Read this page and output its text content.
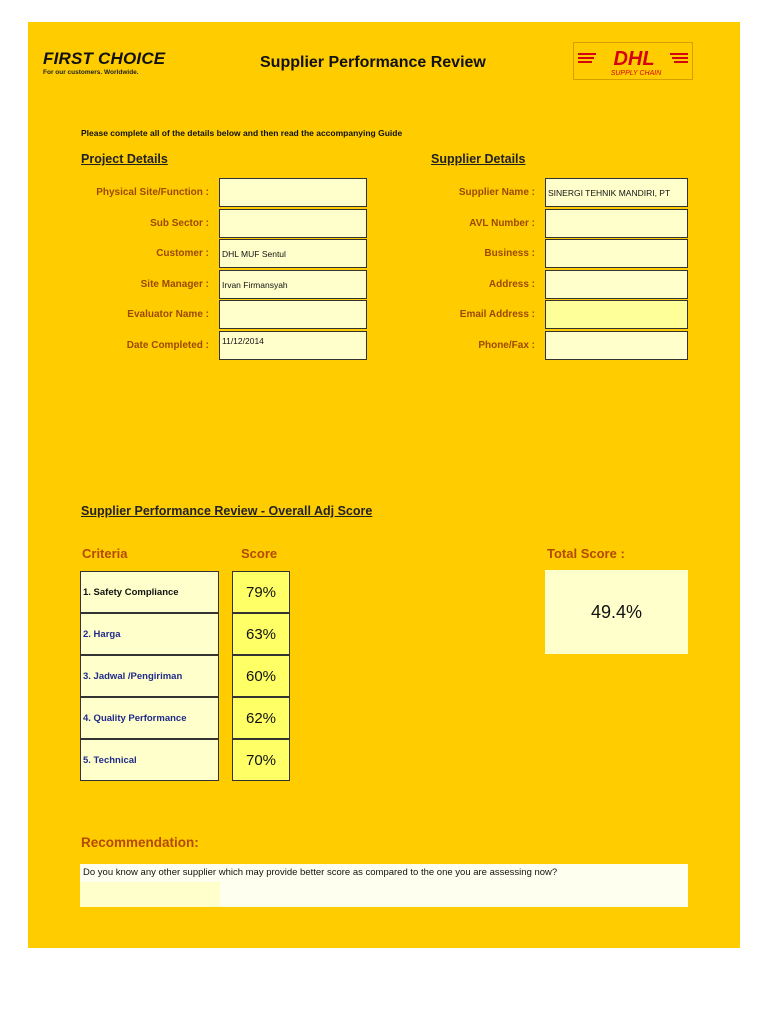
FIRST CHOICE
For our customers. Worldwide.
Supplier Performance Review	DHL
SUPPLY CHAIN
Please complete all of the details below and then read the accompanying Guide
Project Details
Physical Site/Function :
Sub Sector :
Customer :	DHL MUF Sentul
Site Manager :	Irvan Firmansyah
Evaluator Name :
Date Completed :	11/12/2014
Supplier Details
Supplier Name :	SINERGI TEHNIK MANDIRI, PT
AVL Number :
Business :
Address :
Email Address :
Phone/Fax :
Supplier Performance Review - Overall Adj Score
Criteria	Score	Total Score :
1. Safety Compliance	79%
2. Harga	63%
3. Jadwal /Pengiriman	60%
4. Quality Performance	62%
5. Technical	70%
49.4%
Recommendation:
Do you know any other supplier which may provide better score as compared to the one you are assessing now?
